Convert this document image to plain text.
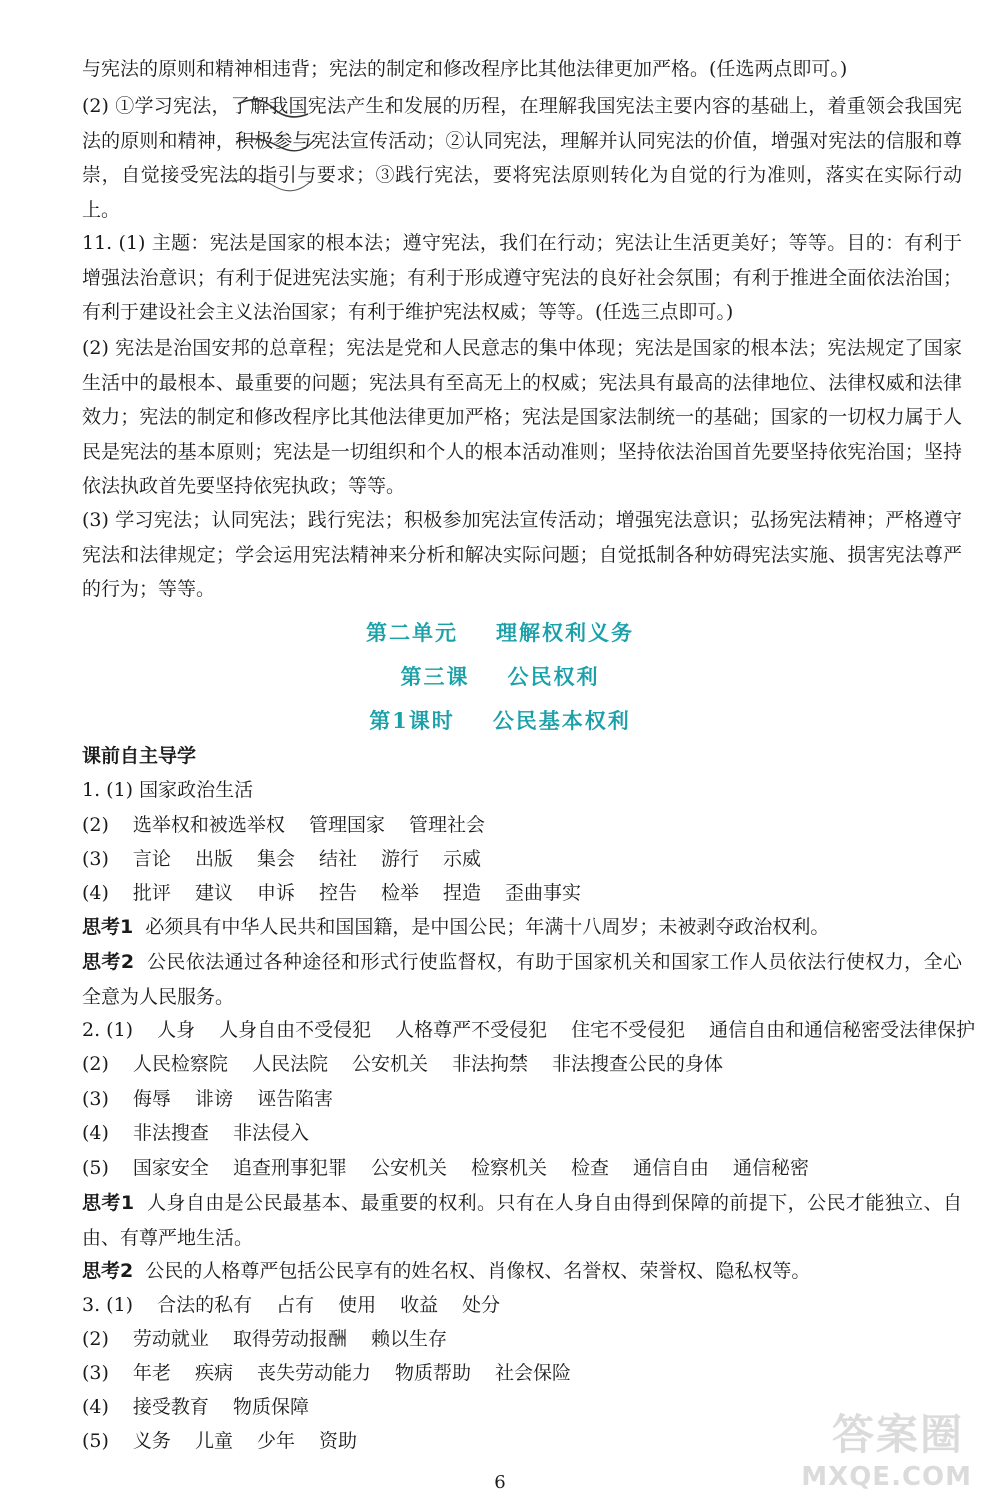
与宪法的原则和精神相违背；宪法的制定和修改程序比其他法律更加严格。(任选两点即可。)

(2) ①学习宪法，了解我国宪法产生和发展的历程，在理解我国宪法主要内容的基础上，着重领会我国宪法的原则和精神，积极参与宪法宣传活动；②认同宪法，理解并认同宪法的价值，增强对宪法的信服和尊崇，自觉接受宪法的指引与要求；③践行宪法，要将宪法原则转化为自觉的行为准则，落实在实际行动上。

11. (1) 主题：宪法是国家的根本法；遵守宪法，我们在行动；宪法让生活更美好；等等。目的：有利于增强法治意识；有利于促进宪法实施；有利于形成遵守宪法的良好社会氛围；有利于推进全面依法治国；有利于建设社会主义法治国家；有利于维护宪法权威；等等。(任选三点即可。)

(2) 宪法是治国安邦的总章程；宪法是党和人民意志的集中体现；宪法是国家的根本法；宪法规定了国家生活中的最根本、最重要的问题；宪法具有至高无上的权威；宪法具有最高的法律地位、法律权威和法律效力；宪法的制定和修改程序比其他法律更加严格；宪法是国家法制统一的基础；国家的一切权力属于人民是宪法的基本原则；宪法是一切组织和个人的根本活动准则；坚持依法治国首先要坚持依宪治国；坚持依法执政首先要坚持依宪执政；等等。

(3) 学习宪法；认同宪法；践行宪法；积极参加宪法宣传活动；增强宪法意识；弘扬宪法精神；严格遵守宪法和法律规定；学会运用宪法精神来分析和解决实际问题；自觉抵制各种妨碍宪法实施、损害宪法尊严的行为；等等。

第二单元 理解权利义务
第三课 公民权利
第1课时 公民基本权利
课前自主导学
1. (1) 国家政治生活
(2) 选举权和被选举权 管理国家 管理社会
(3) 言论 出版 集会 结社 游行 示威
(4) 批评 建议 申诉 控告 检举 捏造 歪曲事实
思考1 必须具有中华人民共和国国籍，是中国公民；年满十八周岁；未被剥夺政治权利。

思考2 公民依法通过各种途径和形式行使监督权，有助于国家机关和国家工作人员依法行使权力，全心全意为人民服务。

2. (1) 人身 人身自由不受侵犯 人格尊严不受侵犯 住宅不受侵犯 通信自由和通信秘密受法律保护
(2) 人民检察院 人民法院 公安机关 非法拘禁 非法搜查公民的身体
(3) 侮辱 诽谤 诬告陷害
(4) 非法搜查 非法侵入
(5) 国家安全 追查刑事犯罪 公安机关 检察机关 检查 通信自由 通信秘密

思考1 人身自由是公民最基本、最重要的权利。只有在人身自由得到保障的前提下，公民才能独立、自由、有尊严地生活。

思考2 公民的人格尊严包括公民享有的姓名权、肖像权、名誉权、荣誉权、隐私权等。
3. (1) 合法的私有 占有 使用 收益 处分
(2) 劳动就业 取得劳动报酬 赖以生存
(3) 年老 疾病 丧失劳动能力 物质帮助 社会保险
(4) 接受教育 物质保障
(5) 义务 儿童 少年 资助
6
答案圈
MXQE.COM
